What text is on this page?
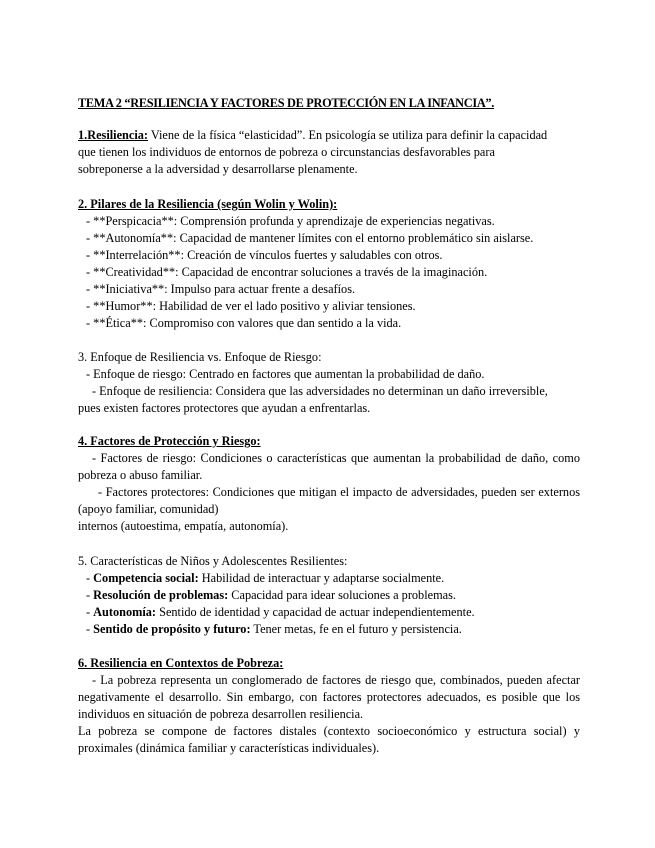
TEMA 2 “RESILIENCIA Y FACTORES DE PROTECCIÓN EN LA INFANCIA”.
1.Resiliencia: Viene de la física “elasticidad”. En psicología se utiliza para definir la capacidad
que tienen los individuos de entornos de pobreza o circunstancias desfavorables para
sobreponerse a la adversidad y desarrollarse plenamente.
2. Pilares de la Resiliencia (según Wolin y Wolin):
- **Perspicacia**: Comprensión profunda y aprendizaje de experiencias negativas.
- **Autonomía**: Capacidad de mantener límites con el entorno problemático sin aislarse.
- **Interrelación**: Creación de vínculos fuertes y saludables con otros.
- **Creatividad**: Capacidad de encontrar soluciones a través de la imaginación.
- **Iniciativa**: Impulso para actuar frente a desafíos.
- **Humor**: Habilidad de ver el lado positivo y aliviar tensiones.
- **Ética**: Compromiso con valores que dan sentido a la vida.
3. Enfoque de Resiliencia vs. Enfoque de Riesgo:
- Enfoque de riesgo: Centrado en factores que aumentan la probabilidad de daño.
- Enfoque de resiliencia: Considera que las adversidades no determinan un daño irreversible,
pues existen factores protectores que ayudan a enfrentarlas.
4. Factores de Protección y Riesgo:
- Factores de riesgo: Condiciones o características que aumentan la probabilidad de daño, como pobreza o abuso familiar.
- Factores protectores: Condiciones que mitigan el impacto de adversidades, pueden ser externos (apoyo familiar, comunidad)
internos (autoestima, empatía, autonomía).
5. Características de Niños y Adolescentes Resilientes:
- Competencia social: Habilidad de interactuar y adaptarse socialmente.
- Resolución de problemas: Capacidad para idear soluciones a problemas.
- Autonomía: Sentido de identidad y capacidad de actuar independientemente.
- Sentido de propósito y futuro: Tener metas, fe en el futuro y persistencia.
6. Resiliencia en Contextos de Pobreza:
- La pobreza representa un conglomerado de factores de riesgo que, combinados, pueden afectar negativamente el desarrollo. Sin embargo, con factores protectores adecuados, es posible que los individuos en situación de pobreza desarrollen resiliencia.
La pobreza se compone de factores distales (contexto socioeconómico y estructura social) y proximales (dinámica familiar y características individuales).
